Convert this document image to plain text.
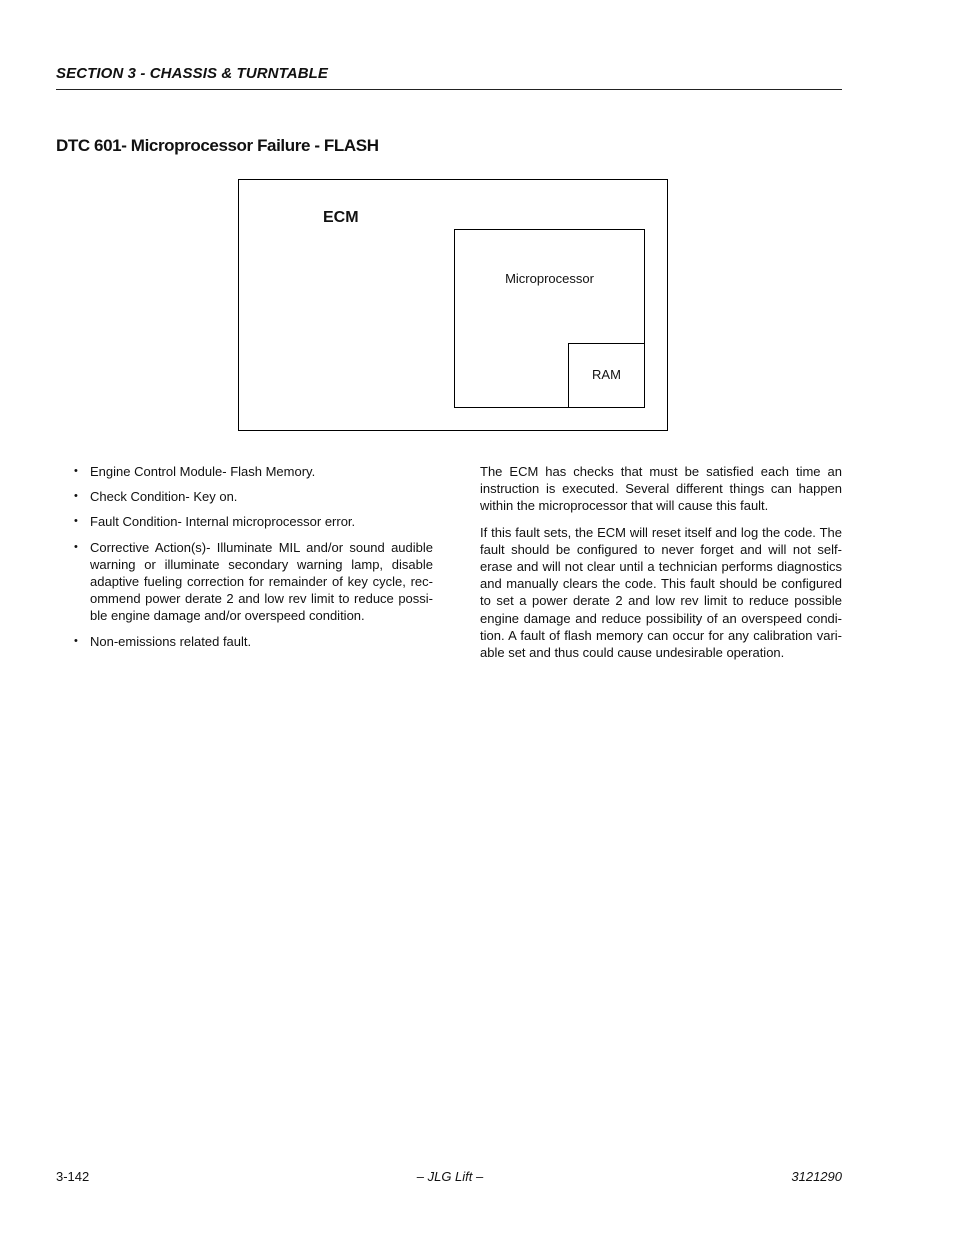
SECTION 3 - CHASSIS & TURNTABLE
DTC 601- Microprocessor Failure - FLASH
ECM
Microprocessor
RAM
• Engine Control Module- Flash Memory.
• Check Condition- Key on.
• Fault Condition- Internal microprocessor error.
• Corrective Action(s)- Illuminate MIL and/or sound audible warning or illuminate secondary warning lamp, disable adaptive fueling correction for remainder of key cycle, rec-ommend power derate 2 and low rev limit to reduce possi-ble engine damage and/or overspeed condition.
• Non-emissions related fault.

The ECM has checks that must be satisfied each time an instruction is executed. Several different things can happen within the microprocessor that will cause this fault.

If this fault sets, the ECM will reset itself and log the code. The fault should be configured to never forget and will not self-erase and will not clear until a technician performs diagnostics and manually clears the code. This fault should be configured to set a power derate 2 and low rev limit to reduce possible engine damage and reduce possibility of an overspeed condi-tion. A fault of flash memory can occur for any calibration vari-able set and thus could cause undesirable operation.

3-142	– JLG Lift –	3121290
